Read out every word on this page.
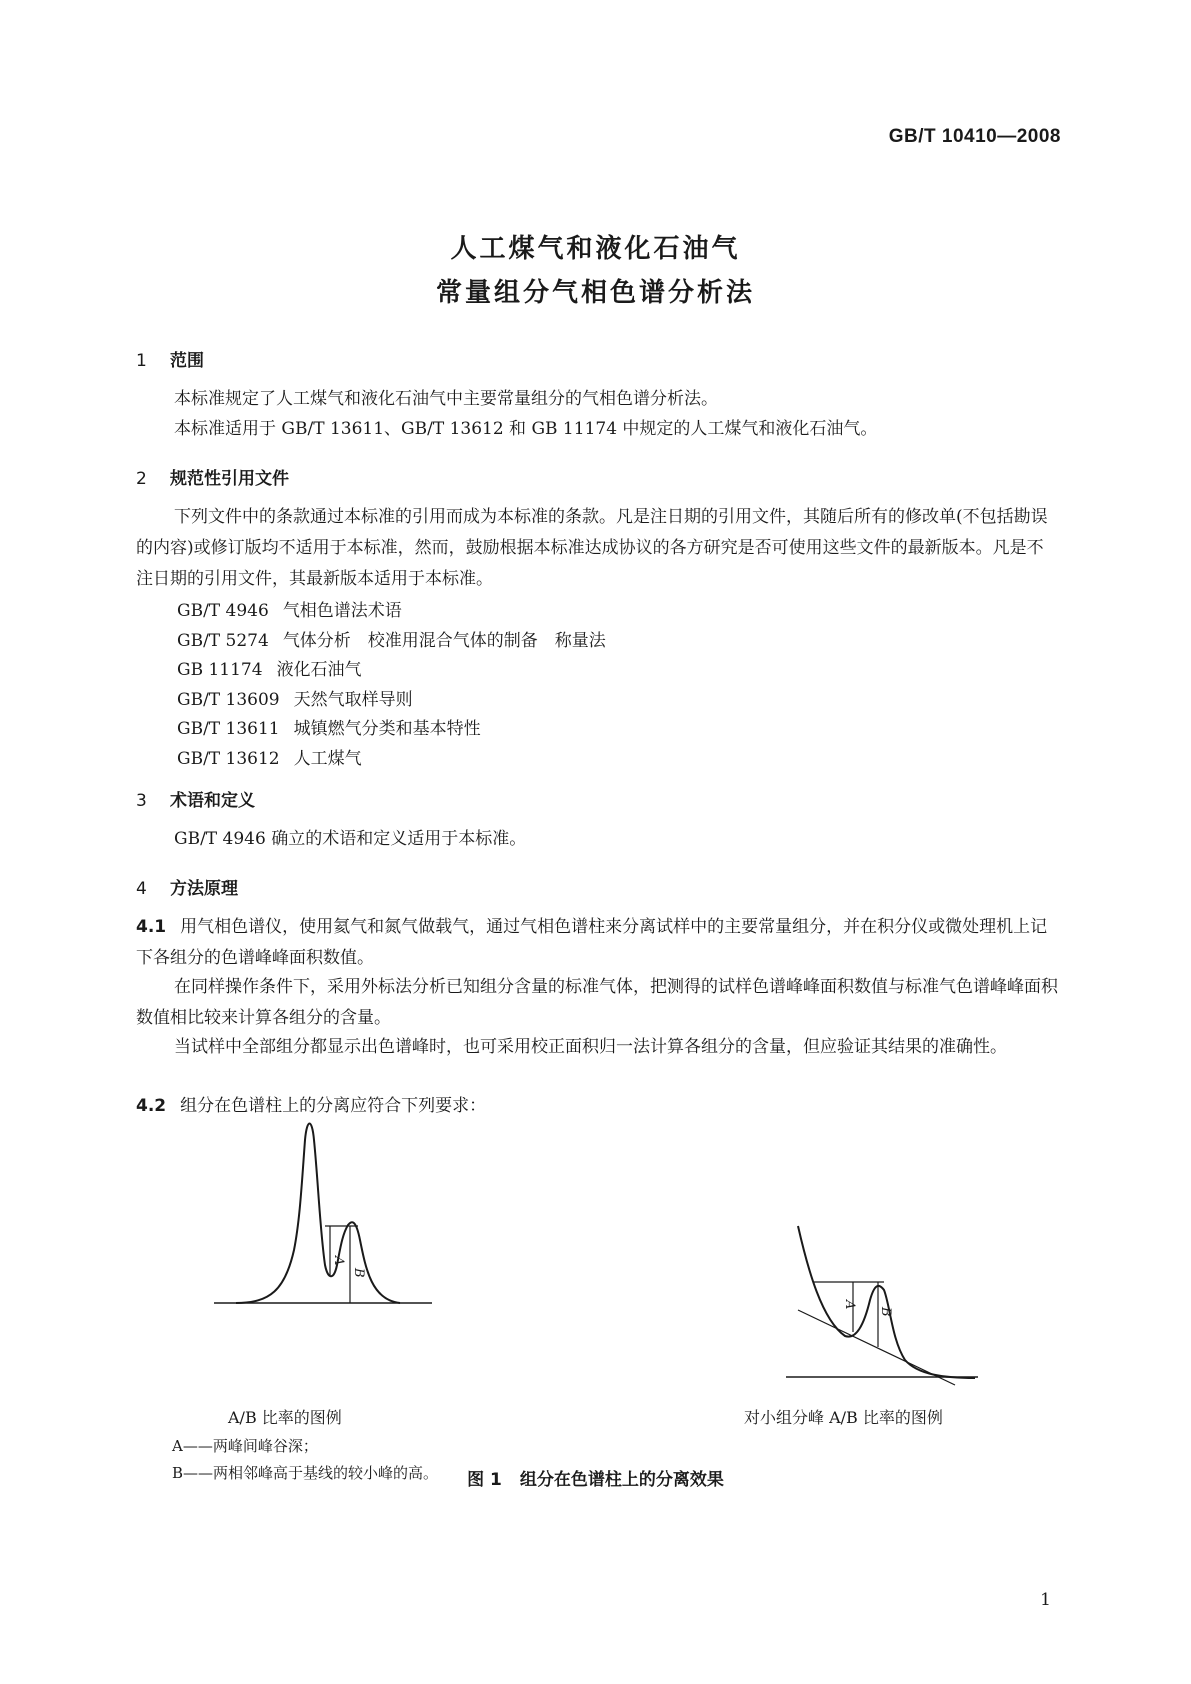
GB/T 10410—2008
人工煤气和液化石油气
常量组分气相色谱分析法
1 范围
本标准规定了人工煤气和液化石油气中主要常量组分的气相色谱分析法。
本标准适用于 GB/T 13611、GB/T 13612 和 GB 11174 中规定的人工煤气和液化石油气。
2 规范性引用文件
下列文件中的条款通过本标准的引用而成为本标准的条款。凡是注日期的引用文件，其随后所有的修改单(不包括勘误的内容)或修订版均不适用于本标准，然而，鼓励根据本标准达成协议的各方研究是否可使用这些文件的最新版本。凡是不注日期的引用文件，其最新版本适用于本标准。
GB/T 4946 气相色谱法术语
GB/T 5274 气体分析　校准用混合气体的制备　称量法
GB 11174 液化石油气
GB/T 13609 天然气取样导则
GB/T 13611 城镇燃气分类和基本特性
GB/T 13612 人工煤气
3 术语和定义
GB/T 4946 确立的术语和定义适用于本标准。
4 方法原理
4.1 用气相色谱仪，使用氦气和氮气做载气，通过气相色谱柱来分离试样中的主要常量组分，并在积分仪或微处理机上记下各组分的色谱峰峰面积数值。
在同样操作条件下，采用外标法分析已知组分含量的标准气体，把测得的试样色谱峰峰面积数值与标准气色谱峰峰面积数值相比较来计算各组分的含量。
当试样中全部组分都显示出色谱峰时，也可采用校正面积归一法计算各组分的含量，但应验证其结果的准确性。
4.2 组分在色谱柱上的分离应符合下列要求：
A
B
A
B
A/B 比率的图例	对小组分峰 A/B 比率的图例
A——两峰间峰谷深；
B——两相邻峰高于基线的较小峰的高。	图 1 组分在色谱柱上的分离效果
1
